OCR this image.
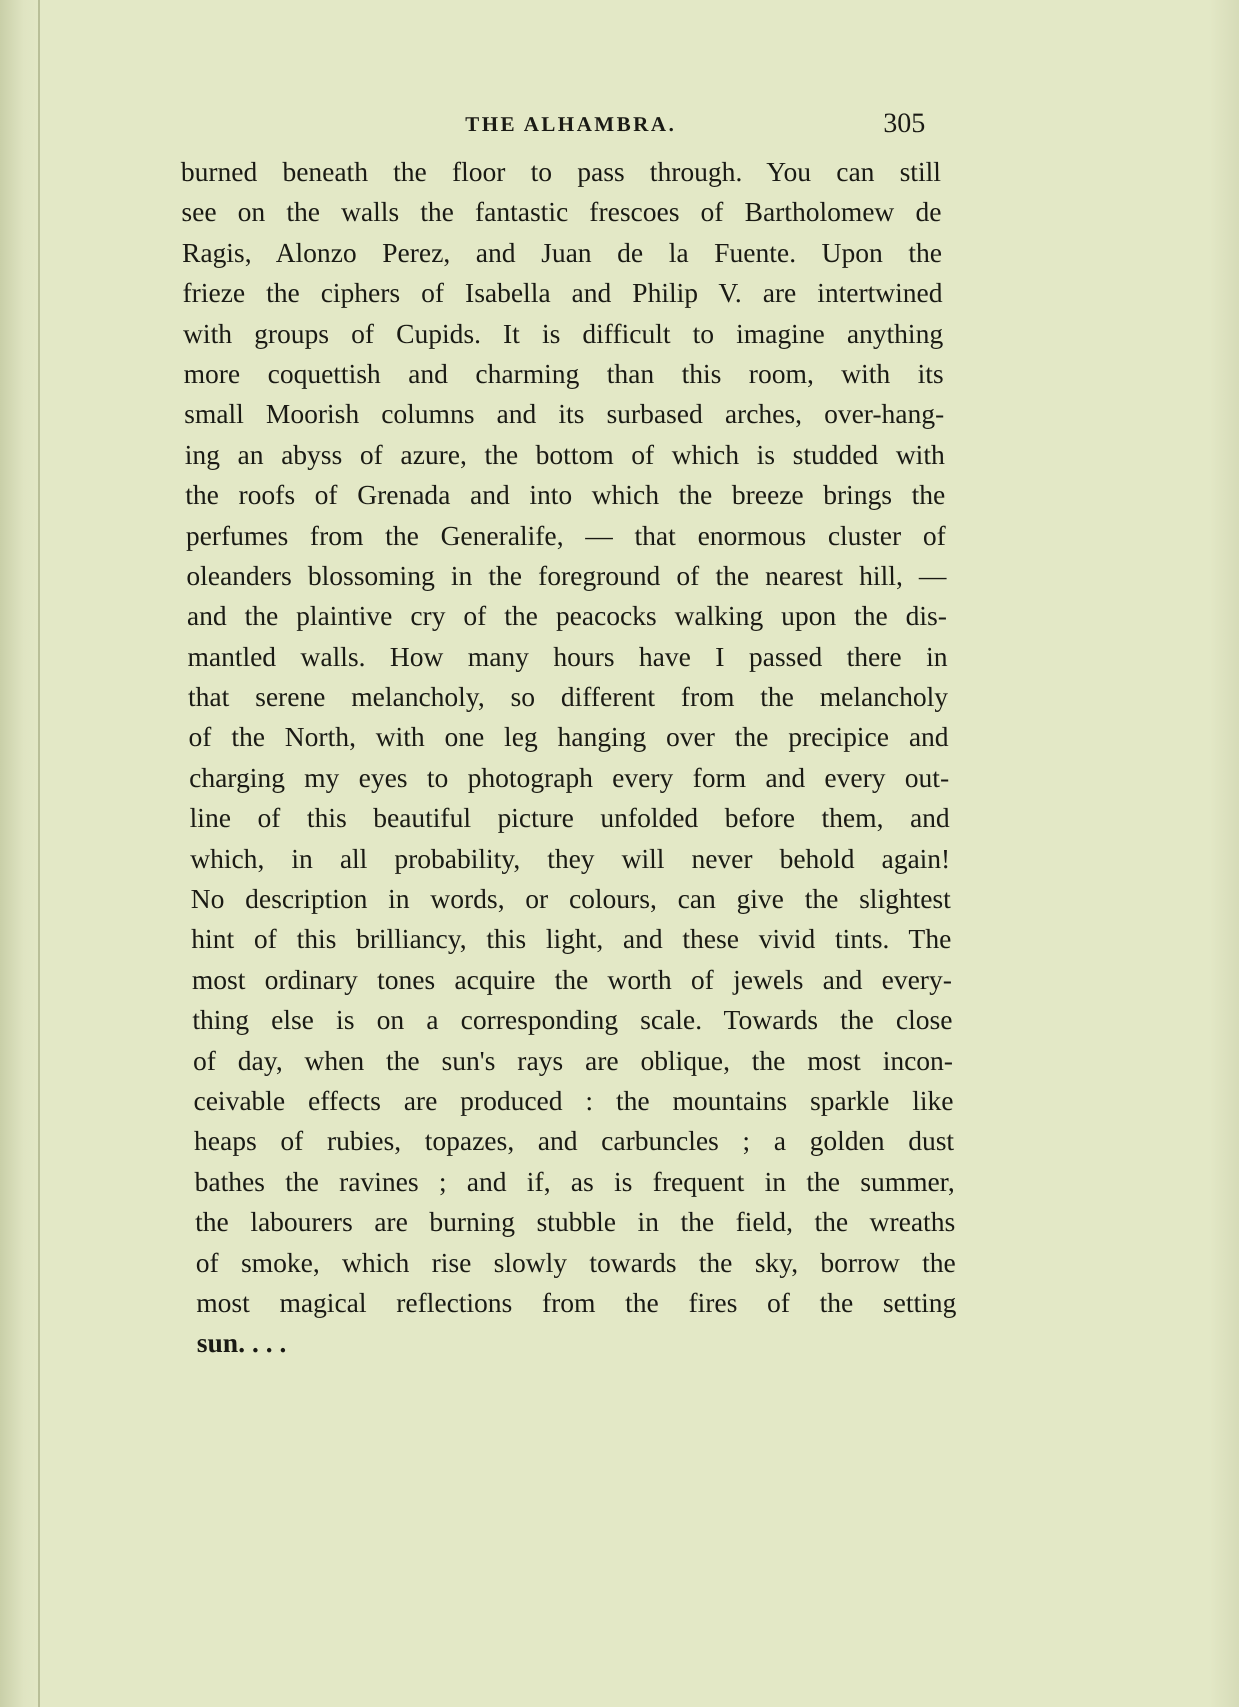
THE ALHAMBRA.	305
burned beneath the floor to pass through. You can still
see on the walls the fantastic frescoes of Bartholomew de
Ragis, Alonzo Perez, and Juan de la Fuente. Upon the
frieze the ciphers of Isabella and Philip V. are intertwined
with groups of Cupids. It is difficult to imagine anything
more coquettish and charming than this room, with its
small Moorish columns and its surbased arches, over-hang-
ing an abyss of azure, the bottom of which is studded with
the roofs of Grenada and into which the breeze brings the
perfumes from the Generalife, — that enormous cluster of
oleanders blossoming in the foreground of the nearest hill, —
and the plaintive cry of the peacocks walking upon the dis-
mantled walls. How many hours have I passed there in
that serene melancholy, so different from the melancholy
of the North, with one leg hanging over the precipice and
charging my eyes to photograph every form and every out-
line of this beautiful picture unfolded before them, and
which, in all probability, they will never behold again!
No description in words, or colours, can give the slightest
hint of this brilliancy, this light, and these vivid tints. The
most ordinary tones acquire the worth of jewels and every-
thing else is on a corresponding scale. Towards the close
of day, when the sun's rays are oblique, the most incon-
ceivable effects are produced : the mountains sparkle like
heaps of rubies, topazes, and carbuncles ; a golden dust
bathes the ravines ; and if, as is frequent in the summer,
the labourers are burning stubble in the field, the wreaths
of smoke, which rise slowly towards the sky, borrow the
most magical reflections from the fires of the setting
sun. . . .
